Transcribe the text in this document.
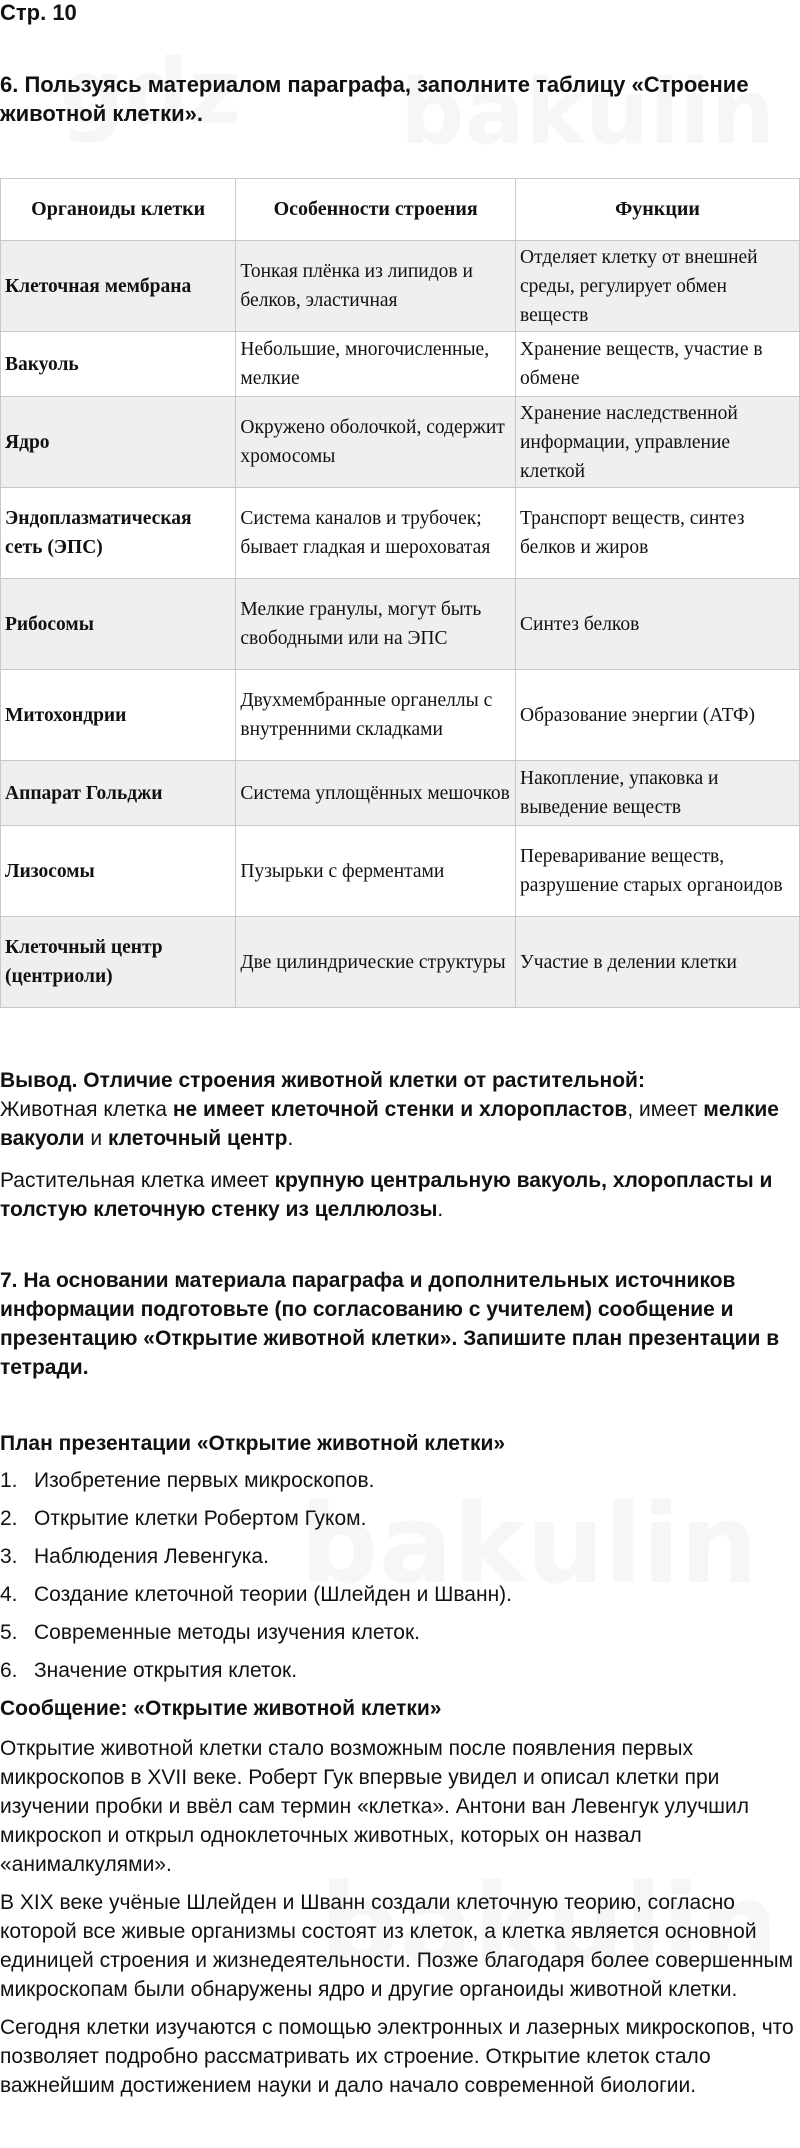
Стр. 10
6. Пользуясь материалом параграфа, заполните таблицу «Строение животной клетки».
Органоиды клетки	Особенности строения	Функции
Клеточная мембрана	Тонкая плёнка из липидов и белков, эластичная	Отделяет клетку от внешней среды, регулирует обмен веществ
Вакуоль	Небольшие, многочисленные, мелкие	Хранение веществ, участие в обмене
Ядро	Окружено оболочкой, содержит хромосомы	Хранение наследственной информации, управление клеткой
Эндоплазматическая сеть (ЭПС)	Система каналов и трубочек; бывает гладкая и шероховатая	Транспорт веществ, синтез белков и жиров
Рибосомы	Мелкие гранулы, могут быть свободными или на ЭПС	Синтез белков
Митохондрии	Двухмембранные органеллы с внутренними складками	Образование энергии (АТФ)
Аппарат Гольджи	Система уплощённых мешочков	Накопление, упаковка и выведение веществ
Лизосомы	Пузырьки с ферментами	Переваривание веществ, разрушение старых органоидов
Клеточный центр (центриоли)	Две цилиндрические структуры	Участие в делении клетки

Вывод. Отличие строения животной клетки от растительной:
Животная клетка не имеет клеточной стенки и хлоропластов, имеет мелкие вакуоли и клеточный центр.

Растительная клетка имеет крупную центральную вакуоль, хлоропласты и толстую клеточную стенку из целлюлозы.

7. На основании материала параграфа и дополнительных источников информации подготовьте (по согласованию с учителем) сообщение и презентацию «Открытие животной клетки». Запишите план презентации в тетради.
План презентации «Открытие животной клетки»
1. Изобретение первых микроскопов.
2. Открытие клетки Робертом Гуком.
3. Наблюдения Левенгука.
4. Создание клеточной теории (Шлейден и Шванн).
5. Современные методы изучения клеток.
6. Значение открытия клеток.
Сообщение: «Открытие животной клетки»

Открытие животной клетки стало возможным после появления первых микроскопов в XVII веке. Роберт Гук впервые увидел и описал клетки при изучении пробки и ввёл сам термин «клетка». Антони ван Левенгук улучшил микроскоп и открыл одноклеточных животных, которых он назвал «анималкулями».

В XIX веке учёные Шлейден и Шванн создали клеточную теорию, согласно которой все живые организмы состоят из клеток, а клетка является основной единицей строения и жизнедеятельности. Позже благодаря более совершенным микроскопам были обнаружены ядро и другие органоиды животной клетки.

Сегодня клетки изучаются с помощью электронных и лазерных микроскопов, что позволяет подробно рассматривать их строение. Открытие клеток стало важнейшим достижением науки и дало начало современной биологии.
